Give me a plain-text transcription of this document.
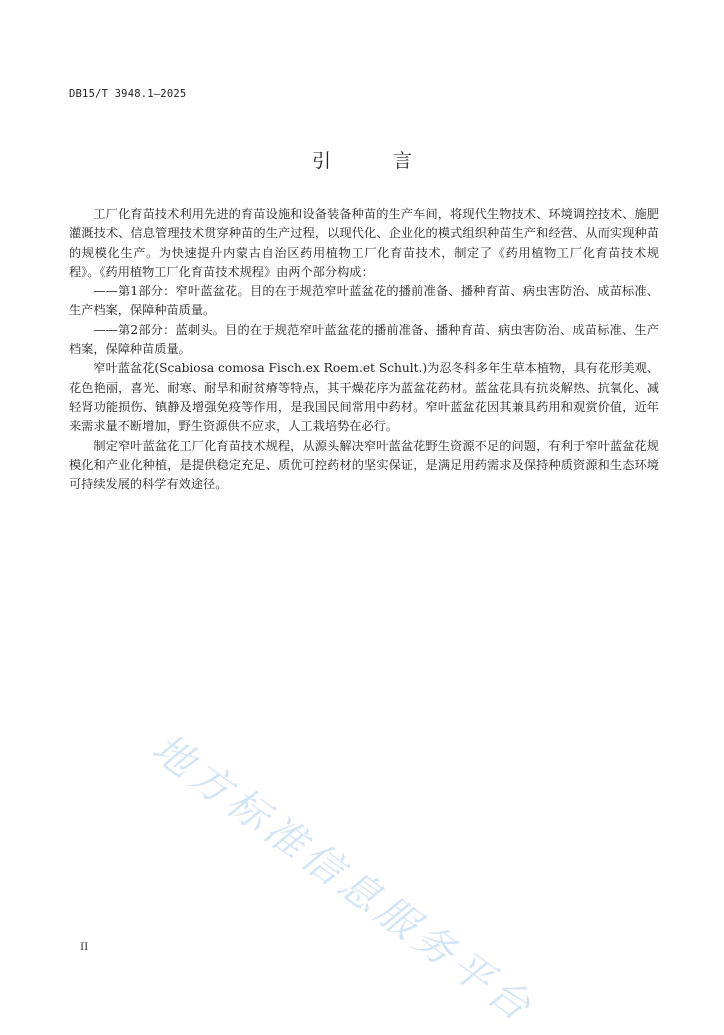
DB15/T 3948.1—2025
引 言

工厂化育苗技术利用先进的育苗设施和设备装备种苗的生产车间，将现代生物技术、环境调控技术、施肥灌溉技术、信息管理技术贯穿种苗的生产过程，以现代化、企业化的模式组织种苗生产和经营、从而实现种苗的规模化生产。为快速提升内蒙古自治区药用植物工厂化育苗技术，制定了《药用植物工厂化育苗技术规程》。《药用植物工厂化育苗技术规程》由两个部分构成：

——第1部分：窄叶蓝盆花。目的在于规范窄叶蓝盆花的播前准备、播种育苗、病虫害防治、成苗标准、生产档案，保障种苗质量。

——第2部分：蓝刺头。目的在于规范窄叶蓝盆花的播前准备、播种育苗、病虫害防治、成苗标准、生产档案，保障种苗质量。

窄叶蓝盆花(Scabiosa comosa Fisch.ex Roem.et Schult.)为忍冬科多年生草本植物，具有花形美观、花色艳丽，喜光、耐寒、耐旱和耐贫瘠等特点，其干燥花序为蓝盆花药材。蓝盆花具有抗炎解热、抗氧化、减轻肾功能损伤、镇静及增强免疫等作用，是我国民间常用中药材。窄叶蓝盆花因其兼具药用和观赏价值，近年来需求量不断增加，野生资源供不应求，人工栽培势在必行。

制定窄叶蓝盆花工厂化育苗技术规程，从源头解决窄叶蓝盆花野生资源不足的问题，有利于窄叶蓝盆花规模化和产业化种植，是提供稳定充足、质优可控药材的坚实保证，是满足用药需求及保持种质资源和生态环境可持续发展的科学有效途径。

地方标准信息服务平台
II
